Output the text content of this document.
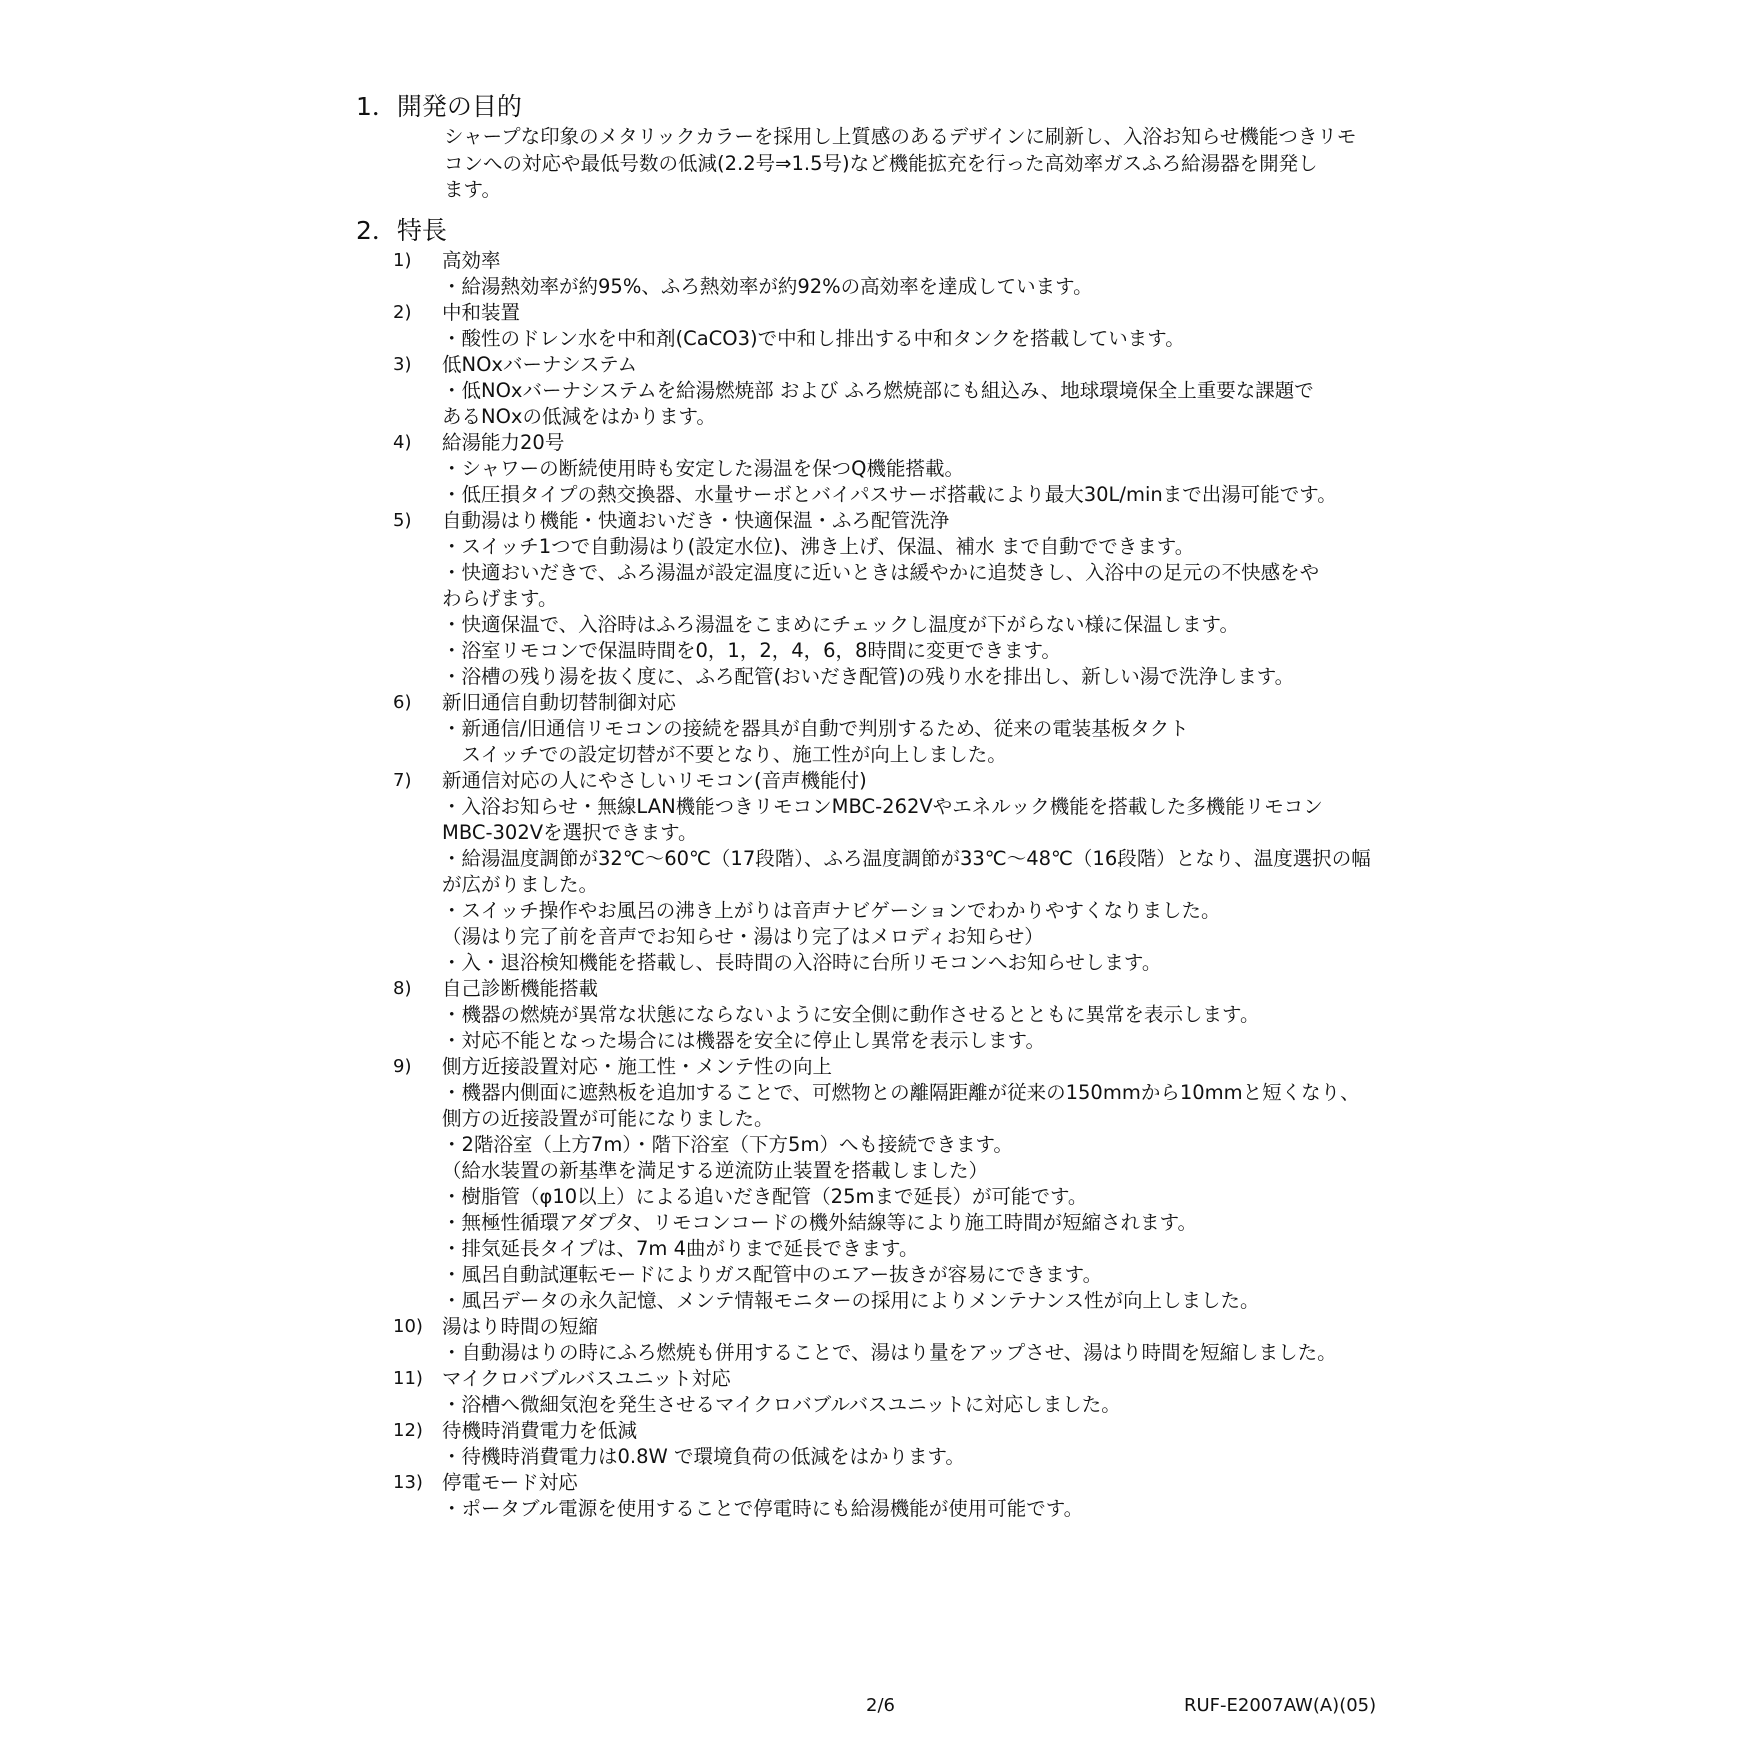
1．開発の目的
シャープな印象のメタリックカラーを採用し上質感のあるデザインに刷新し、入浴お知らせ機能つきリモ
コンへの対応や最低号数の低減(2.2号⇒1.5号)など機能拡充を行った高効率ガスふろ給湯器を開発し
ます。
2．特長
1) 高効率
・給湯熱効率が約95%、ふろ熱効率が約92%の高効率を達成しています。
2) 中和装置
・酸性のドレン水を中和剤(CaCO3)で中和し排出する中和タンクを搭載しています。
3) 低NOxバーナシステム
・低NOxバーナシステムを給湯燃焼部 および ふろ燃焼部にも組込み、地球環境保全上重要な課題で
あるNOxの低減をはかります。
4) 給湯能力20号
・シャワーの断続使用時も安定した湯温を保つQ機能搭載。
・低圧損タイプの熱交換器、水量サーボとバイパスサーボ搭載により最大30L/minまで出湯可能です。
5) 自動湯はり機能・快適おいだき・快適保温・ふろ配管洗浄
・スイッチ1つで自動湯はり(設定水位)、沸き上げ、保温、補水 まで自動でできます。
・快適おいだきで、ふろ湯温が設定温度に近いときは緩やかに追焚きし、入浴中の足元の不快感をや
わらげます。
・快適保温で、入浴時はふろ湯温をこまめにチェックし温度が下がらない様に保温します。
・浴室リモコンで保温時間を0，1，2，4，6，8時間に変更できます。
・浴槽の残り湯を抜く度に、ふろ配管(おいだき配管)の残り水を排出し、新しい湯で洗浄します。
6) 新旧通信自動切替制御対応
・新通信/旧通信リモコンの接続を器具が自動で判別するため、従来の電装基板タクト
　スイッチでの設定切替が不要となり、施工性が向上しました。
7) 新通信対応の人にやさしいリモコン(音声機能付)
・入浴お知らせ・無線LAN機能つきリモコンMBC-262Vやエネルック機能を搭載した多機能リモコン
MBC-302Vを選択できます。
・給湯温度調節が32℃～60℃（17段階）、ふろ温度調節が33℃～48℃（16段階）となり、温度選択の幅
が広がりました。
・スイッチ操作やお風呂の沸き上がりは音声ナビゲーションでわかりやすくなりました。
（湯はり完了前を音声でお知らせ・湯はり完了はメロディお知らせ）
・入・退浴検知機能を搭載し、長時間の入浴時に台所リモコンへお知らせします。
8) 自己診断機能搭載
・機器の燃焼が異常な状態にならないように安全側に動作させるとともに異常を表示します。
・対応不能となった場合には機器を安全に停止し異常を表示します。
9) 側方近接設置対応・施工性・メンテ性の向上
・機器内側面に遮熱板を追加することで、可燃物との離隔距離が従来の150mmから10mmと短くなり、
側方の近接設置が可能になりました。
・2階浴室（上方7m）・階下浴室（下方5m）へも接続できます。
（給水装置の新基準を満足する逆流防止装置を搭載しました）
・樹脂管（φ10以上）による追いだき配管（25mまで延長）が可能です。
・無極性循環アダプタ、リモコンコードの機外結線等により施工時間が短縮されます。
・排気延長タイプは、7m 4曲がりまで延長できます。
・風呂自動試運転モードによりガス配管中のエアー抜きが容易にできます。
・風呂データの永久記憶、メンテ情報モニターの採用によりメンテナンス性が向上しました。
10) 湯はり時間の短縮
・自動湯はりの時にふろ燃焼も併用することで、湯はり量をアップさせ、湯はり時間を短縮しました。
11) マイクロバブルバスユニット対応
・浴槽へ微細気泡を発生させるマイクロバブルバスユニットに対応しました。
12) 待機時消費電力を低減
・待機時消費電力は0.8W で環境負荷の低減をはかります。
13) 停電モード対応
・ポータブル電源を使用することで停電時にも給湯機能が使用可能です。
2/6	RUF-E2007AW(A)(05)
